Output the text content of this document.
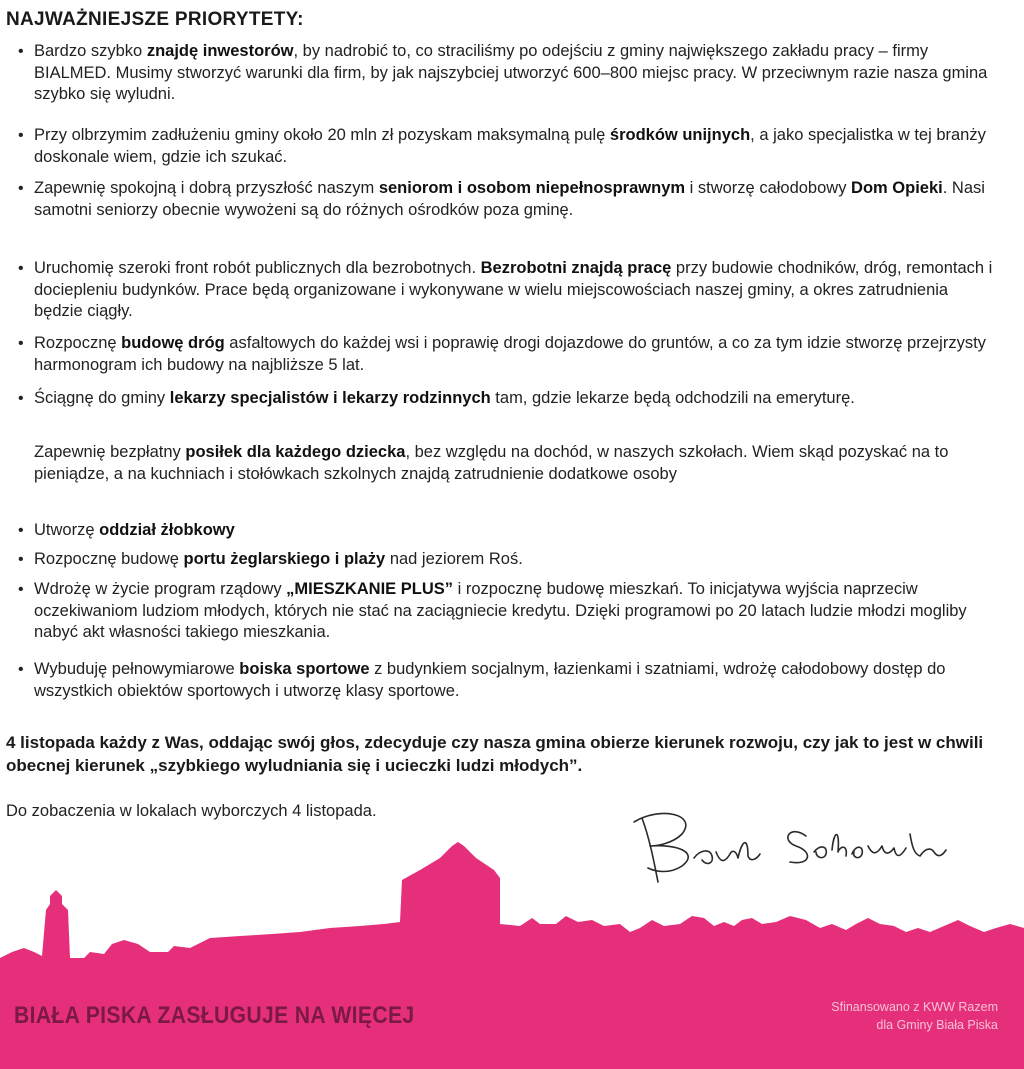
NAJWAŻNIEJSZE PRIORYTETY:
• Bardzo szybko znajdę inwestorów, by nadrobić to, co straciliśmy po odejściu z gminy największego zakładu pracy – firmy BIALMED. Musimy stworzyć warunki dla firm, by jak najszybciej utworzyć 600–800 miejsc pracy. W przeciwnym razie nasza gmina szybko się wyludni.
• Przy olbrzymim zadłużeniu gminy około 20 mln zł pozyskam maksymalną pulę środków unijnych, a jako specjalistka w tej branży doskonale wiem, gdzie ich szukać.
• Zapewnię spokojną i dobrą przyszłość naszym seniorom i osobom niepełnosprawnym i stworzę całodobowy Dom Opieki. Nasi samotni seniorzy obecnie wywożeni są do różnych ośrodków poza gminę.
• Uruchomię szeroki front robót publicznych dla bezrobotnych. Bezrobotni znajdą pracę przy budowie chodników, dróg, remontach i dociepleniu budynków. Prace będą organizowane i wykonywane w wielu miejscowościach naszej gminy, a okres zatrudnienia będzie ciągły.
• Rozpocznę budowę dróg asfaltowych do każdej wsi i poprawię drogi dojazdowe do gruntów, a co za tym idzie stworzę przejrzysty harmonogram ich budowy na najbliższe 5 lat.
• Ściągnę do gminy lekarzy specjalistów i lekarzy rodzinnych tam, gdzie lekarze będą odchodzili na emeryturę.
Zapewnię bezpłatny posiłek dla każdego dziecka, bez względu na dochód, w naszych szkołach. Wiem skąd pozyskać na to pieniądze, a na kuchniach i stołówkach szkolnych znajdą zatrudnienie dodatkowe osoby
• Utworzę oddział żłobkowy
• Rozpocznę budowę portu żeglarskiego i plaży nad jeziorem Roś.
• Wdrożę w życie program rządowy „MIESZKANIE PLUS” i rozpocznę budowę mieszkań. To inicjatywa wyjścia naprzeciw oczekiwaniom ludziom młodych, których nie stać na zaciągniecie kredytu. Dzięki programowi po 20 latach ludzie młodzi mogliby nabyć akt własności takiego mieszkania.
• Wybuduję pełnowymiarowe boiska sportowe z budynkiem socjalnym, łazienkami i szatniami, wdrożę całodobowy dostęp do wszystkich obiektów sportowych i utworzę klasy sportowe.
4 listopada każdy z Was, oddając swój głos, zdecyduje czy nasza gmina obierze kierunek rozwoju, czy jak to jest w chwili obecnej kierunek „szybkiego wyludniania się i ucieczki ludzi młodych”.
Do zobaczenia w lokalach wyborczych 4 listopada.
BIAŁA PISKA ZASŁUGUJE NA WIĘCEJ	Sfinansowano z KWW Razem
dla Gminy Biała Piska
